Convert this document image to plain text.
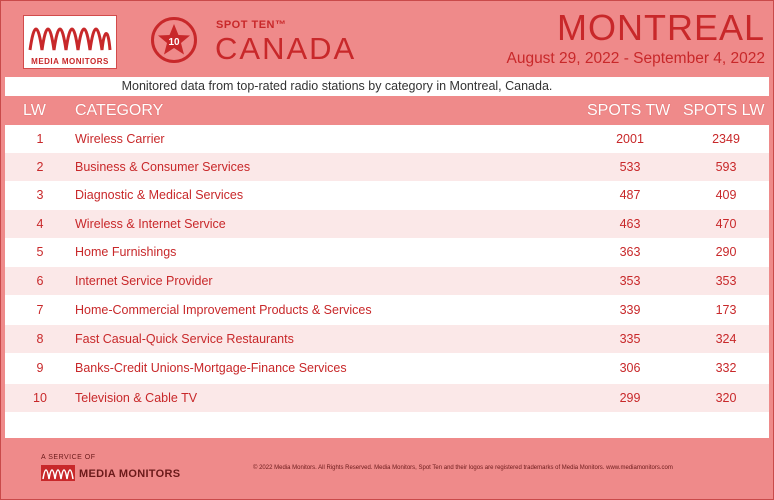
MEDIA MONITORS
10
SPOT TEN™
CANADA
MONTREAL
August 29, 2022 - September 4, 2022
Monitored data from top-rated radio stations by category in Montreal, Canada.
LW CATEGORY	SPOTS TW SPOTS LW
1	Wireless Carrier	2001	2349
2	Business & Consumer Services	533	593
3	Diagnostic & Medical Services	487	409
4	Wireless & Internet Service	463	470
5	Home Furnishings	363	290
6	Internet Service Provider	353	353
7	Home-Commercial Improvement Products & Services	339	173
8	Fast Casual-Quick Service Restaurants	335	324
9	Banks-Credit Unions-Mortgage-Finance Services	306	332
10	Television & Cable TV	299	320
A SERVICE OF
MEDIA MONITORS	© 2022 Media Monitors. All Rights Reserved. Media Monitors, Spot Ten and their logos are registered trademarks of Media Monitors. www.mediamonitors.com
